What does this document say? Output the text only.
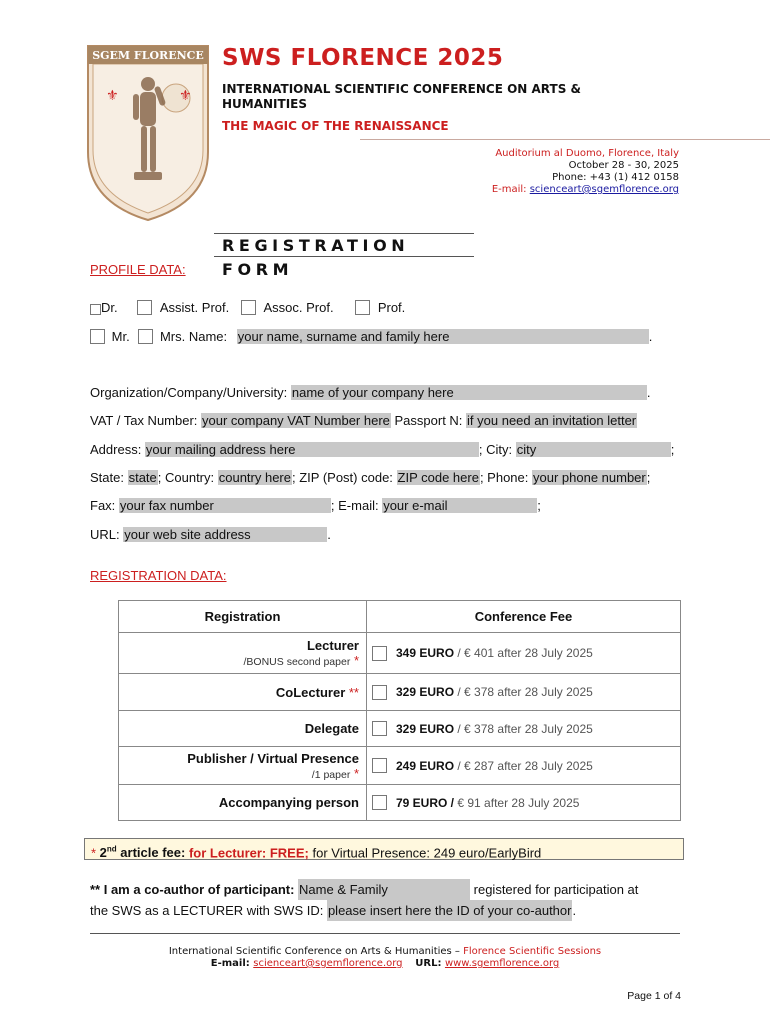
SGEM FLORENCE
⚜	⚜
SWS FLORENCE 2025
INTERNATIONAL SCIENTIFIC CONFERENCE ON ARTS & HUMANITIES
THE MAGIC OF THE RENAISSANCE
Auditorium al Duomo, Florence, Italy
October 28 - 30, 2025
Phone: +43 (1) 412 0158
E-mail: scienceart@sgemflorence.org
REGISTRATION FORM
PROFILE DATA:
Dr.	Assist. Prof.	Assoc. Prof.	Prof.
Mr. Mrs. Name: your name, surname and family here	.
Organization/Company/University: name of your company here	.
VAT / Tax Number: your company VAT Number here Passport N: if you need an invitation letter
Address: your mailing address here	; City: city	;
State: state; Country: country here; ZIP (Post) code: ZIP code here; Phone: your phone number;
Fax: your fax number	; E-mail: your e-mail	;
URL: your web site address	.
REGISTRATION DATA:
Registration	Conference Fee	

Lecturer
/BONUS second paper *		349 EURO / € 401 after 28 July 2025
CoLecturer **		329 EURO / € 378 after 28 July 2025
Delegate		329 EURO / € 378 after 28 July 2025

Publisher / Virtual Presence
/1 paper *		249 EURO / € 287 after 28 July 2025
Accompanying person		79 EURO / € 91 after 28 July 2025
* 2nd article fee: for Lecturer: FREE; for Virtual Presence: 249 euro/EarlyBird
** I am a co-author of participant: Name & Family	registered for participation at
the SWS as a LECTURER with SWS ID: please insert here the ID of your co-author.
International Scientific Conference on Arts & Humanities – Florence Scientific Sessions
E-mail: scienceart@sgemflorence.org URL: www.sgemflorence.org
Page 1 of 4
